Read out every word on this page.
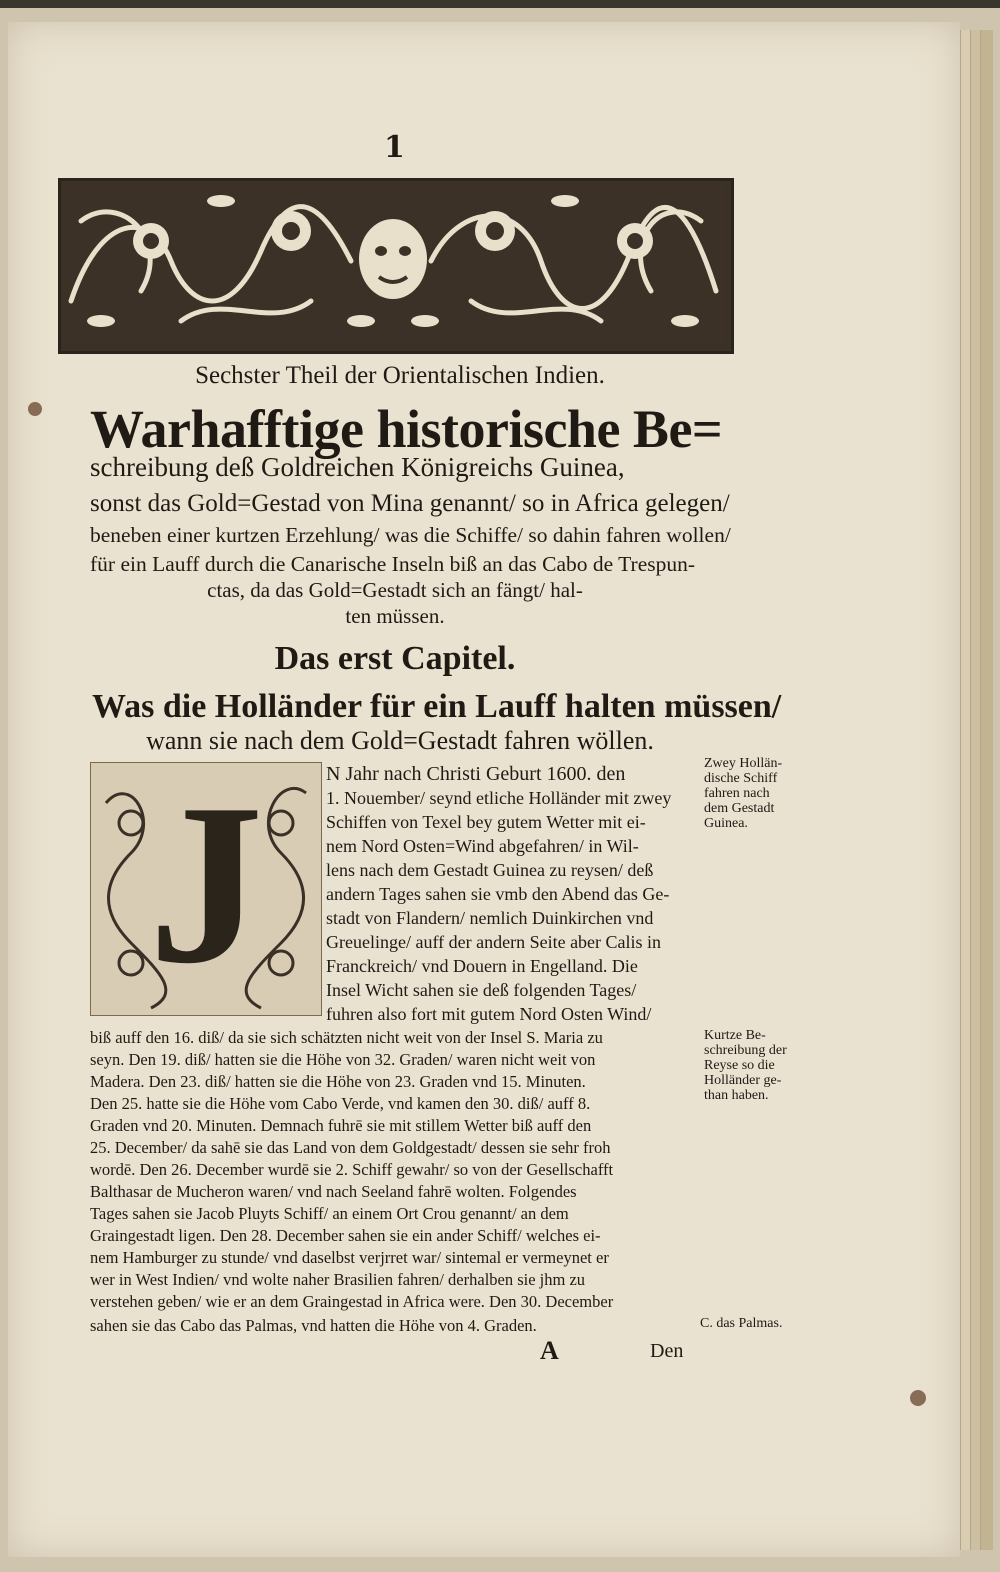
1
Sechster Theil der Orientalischen Indien.
Warhafftige historische Be=
schreibung deß Goldreichen Königreichs Guinea,
sonst das Gold=Gestad von Mina genannt/ so in Africa gelegen/
beneben einer kurtzen Erzehlung/ was die Schiffe/ so dahin fahren wollen/
für ein Lauff durch die Canarische Inseln biß an das Cabo de Trespun-
ctas, da das Gold=Gestadt sich an fängt/ hal-
ten müssen.
Das erst Capitel.
Was die Holländer für ein Lauff halten müssen/
wann sie nach dem Gold=Gestadt fahren wöllen.
J	N Jahr nach Christi Geburt 1600. den
1. Nouember/ seynd etliche Holländer mit zwey
Schiffen von Texel bey gutem Wetter mit ei-
nem Nord Osten=Wind abgefahren/ in Wil-
lens nach dem Gestadt Guinea zu reysen/ deß
andern Tages sahen sie vmb den Abend das Ge-
stadt von Flandern/ nemlich Duinkirchen vnd
Greuelinge/ auff der andern Seite aber Calis in
Franckreich/ vnd Douern in Engelland. Die
Insel Wicht sahen sie deß folgenden Tages/
fuhren also fort mit gutem Nord Osten Wind/
biß auff den 16. diß/ da sie sich schätzten nicht weit von der Insel S. Maria zu
seyn. Den 19. diß/ hatten sie die Höhe von 32. Graden/ waren nicht weit von
Madera. Den 23. diß/ hatten sie die Höhe von 23. Graden vnd 15. Minuten.
Den 25. hatte sie die Höhe vom Cabo Verde, vnd kamen den 30. diß/ auff 8.
Graden vnd 20. Minuten. Demnach fuhrē sie mit stillem Wetter biß auff den
25. December/ da sahē sie das Land von dem Goldgestadt/ dessen sie sehr froh
wordē. Den 26. December wurdē sie 2. Schiff gewahr/ so von der Gesellschafft
Balthasar de Mucheron waren/ vnd nach Seeland fahrē wolten. Folgendes
Tages sahen sie Jacob Pluyts Schiff/ an einem Ort Crou genannt/ an dem
Graingestadt ligen. Den 28. December sahen sie ein ander Schiff/ welches ei-
nem Hamburger zu stunde/ vnd daselbst verjrret war/ sintemal er vermeynet er
wer in West Indien/ vnd wolte naher Brasilien fahren/ derhalben sie jhm zu
verstehen geben/ wie er an dem Graingestad in Africa were. Den 30. December
sahen sie das Cabo das Palmas, vnd hatten die Höhe von 4. Graden.
Zwey Hollän-
dische Schiff
fahren nach
dem Gestadt
Guinea.
Kurtze Be-
schreibung der
Reyse so die
Holländer ge-
than haben.
C. das Palmas.
A	Den
